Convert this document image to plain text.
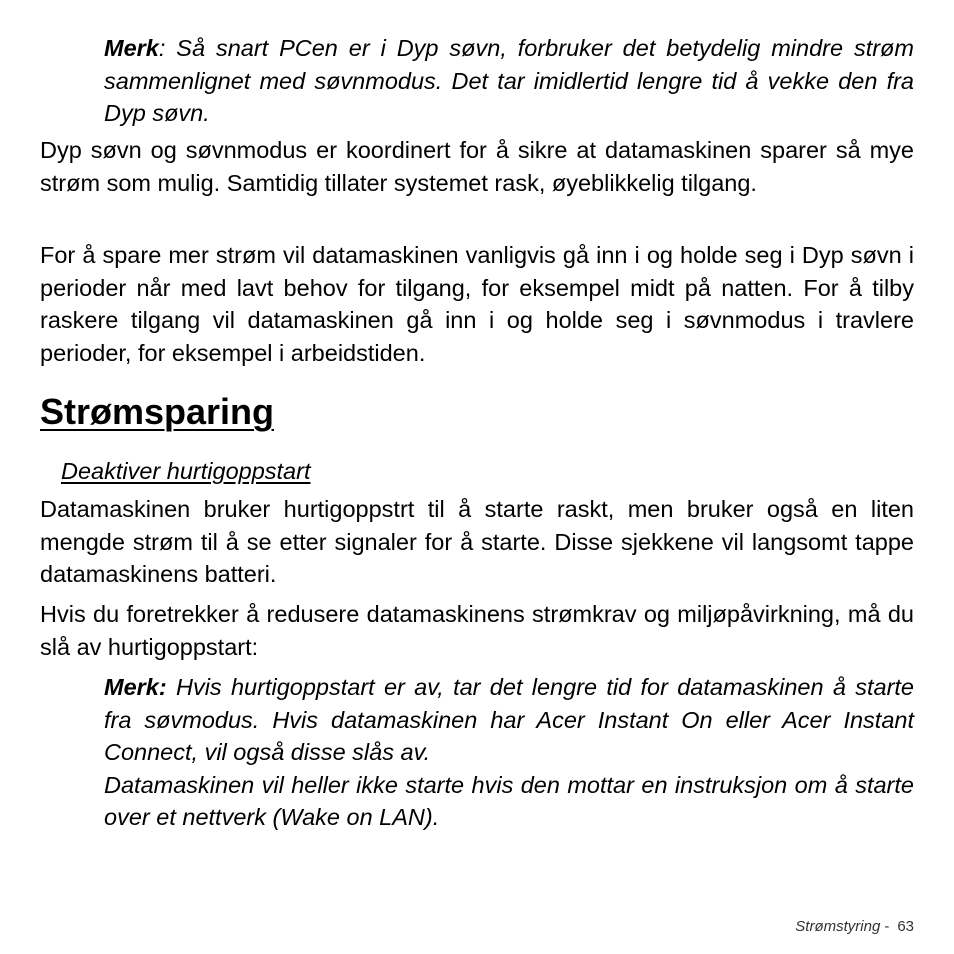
Merk: Så snart PCen er i Dyp søvn, forbruker det betydelig mindre strøm sammenlignet med søvnmodus. Det tar imidlertid lengre tid å vekke den fra Dyp søvn.

Dyp søvn og søvnmodus er koordinert for å sikre at datamaskinen sparer så mye strøm som mulig. Samtidig tillater systemet rask, øyeblikkelig tilgang.

For å spare mer strøm vil datamaskinen vanligvis gå inn i og holde seg i Dyp søvn i perioder når med lavt behov for tilgang, for eksempel midt på natten. For å tilby raskere tilgang vil datamaskinen gå inn i og holde seg i søvnmodus i travlere perioder, for eksempel i arbeidstiden.

Strømsparing

Deaktiver hurtigoppstart

Datamaskinen bruker hurtigoppstrt til å starte raskt, men bruker også en liten mengde strøm til å se etter signaler for å starte. Disse sjekkene vil langsomt tappe datamaskinens batteri.

Hvis du foretrekker å redusere datamaskinens strømkrav og miljøpåvirkning, må du slå av hurtigoppstart:

Merk: Hvis hurtigoppstart er av, tar det lengre tid for datamaskinen å starte fra søvmodus. Hvis datamaskinen har Acer Instant On eller Acer Instant Connect, vil også disse slås av.
Datamaskinen vil heller ikke starte hvis den mottar en instruksjon om å starte over et nettverk (Wake on LAN).

Strømstyring - 63
